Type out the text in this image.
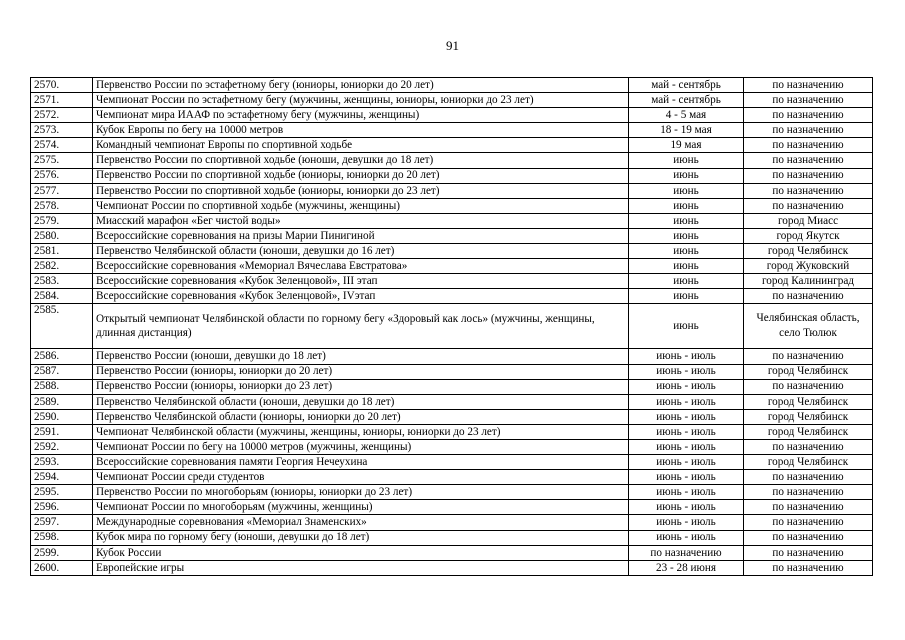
91
2570.	Первенство России по эстафетному бегу (юниоры, юниорки до 20 лет)	май - сентябрь	по назначению
2571.	Чемпионат России по эстафетному бегу (мужчины, женщины, юниоры, юниорки до 23 лет)	май - сентябрь	по назначению
2572.	Чемпионат мира ИААФ по эстафетному бегу (мужчины, женщины)	4 - 5 мая	по назначению
2573.	Кубок Европы по бегу на 10000 метров	18 - 19 мая	по назначению
2574.	Командный чемпионат Европы по спортивной ходьбе	19 мая	по назначению
2575.	Первенство России по спортивной ходьбе (юноши, девушки до 18 лет)	июнь	по назначению
2576.	Первенство России по спортивной ходьбе (юниоры, юниорки до 20 лет)	июнь	по назначению
2577.	Первенство России по спортивной ходьбе (юниоры, юниорки до 23 лет)	июнь	по назначению
2578.	Чемпионат России по спортивной ходьбе (мужчины, женщины)	июнь	по назначению
2579.	Миасский марафон «Бег чистой воды»	июнь	город Миасс
2580.	Всероссийские соревнования на призы Марии Пинигиной	июнь	город Якутск
2581.	Первенство Челябинской области (юноши, девушки до 16 лет)	июнь	город Челябинск
2582.	Всероссийские соревнования «Мемориал Вячеслава Евстратова»	июнь	город Жуковский
2583.	Всероссийские соревнования «Кубок Зеленцовой», III этап	июнь	город Калининград
2584.	Всероссийские соревнования «Кубок Зеленцовой», IVэтап	июнь	по назначению
2585.	Открытый чемпионат Челябинской области по горному бегу «Здоровый как лось» (мужчины, женщины, длинная дистанция)	июнь	Челябинская область, село Тюлюк
2586.	Первенство России (юноши, девушки до 18 лет)	июнь - июль	по назначению
2587.	Первенство России (юниоры, юниорки до 20 лет)	июнь - июль	город Челябинск
2588.	Первенство России (юниоры, юниорки до 23 лет)	июнь - июль	по назначению
2589.	Первенство Челябинской области (юноши, девушки до 18 лет)	июнь - июль	город Челябинск
2590.	Первенство Челябинской области (юниоры, юниорки до 20 лет)	июнь - июль	город Челябинск
2591.	Чемпионат Челябинской области (мужчины, женщины, юниоры, юниорки до 23 лет)	июнь - июль	город Челябинск
2592.	Чемпионат России по бегу на 10000 метров (мужчины, женщины)	июнь - июль	по назначению
2593.	Всероссийские соревнования памяти Георгия Нечеухина	июнь - июль	город Челябинск
2594.	Чемпионат России среди студентов	июнь - июль	по назначению
2595.	Первенство России по многоборьям (юниоры, юниорки до 23 лет)	июнь - июль	по назначению
2596.	Чемпионат России по многоборьям (мужчины, женщины)	июнь - июль	по назначению
2597.	Международные соревнования «Мемориал Знаменских»	июнь - июль	по назначению
2598.	Кубок мира по горному бегу (юноши, девушки до 18 лет)	июнь - июль	по назначению
2599.	Кубок России	по назначению	по назначению
2600.	Европейские игры	23 - 28 июня	по назначению
